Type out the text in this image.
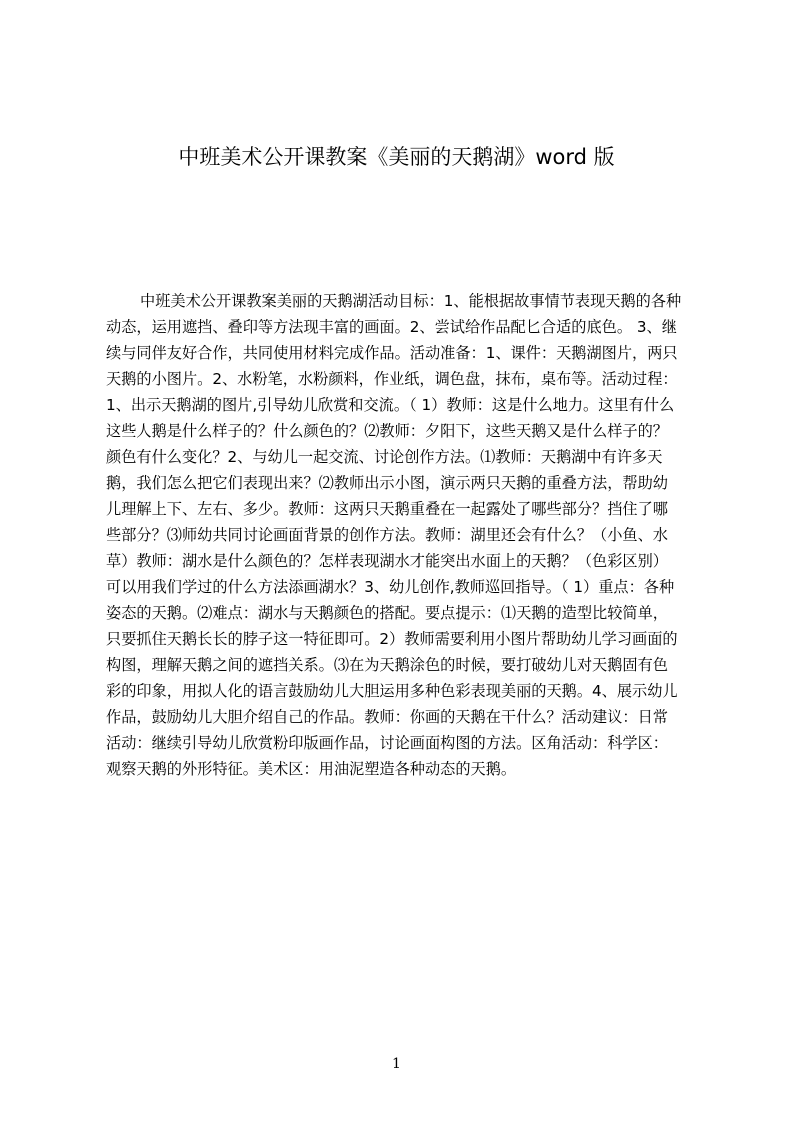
中班美术公开课教案《美丽的天鹅湖》word 版
中班美术公开课教案美丽的天鹅湖活动目标：1、能根据故事情节表现天鹅的各种
动态，运用遮挡、叠印等方法现丰富的画面。2、尝试给作品配匕合适的底色。 3、继
续与同伴友好合作，共同使用材料完成作品。活动准备：1、课件：天鹅湖图片，两只
天鹅的小图片。2、水粉笔，水粉颜料，作业纸，调色盘，抹布，桌布等。活动过程：
1、出示天鹅湖的图片,引导幼儿欣赏和交流。（ 1）教师：这是什么地力。这里有什么
这些人鹅是什么样子的？什么颜色的？⑵教师：夕阳下，这些天鹅又是什么样子的？
颜色有什么变化？2、与幼儿一起交流、讨论创作方法。⑴教师：天鹅湖中有许多天
鹅，我们怎么把它们表现出来？⑵教师出示小图，演示两只天鹅的重叠方法，帮助幼
儿理解上下、左右、多少。教师：这两只天鹅重叠在一起露处了哪些部分？挡住了哪
些部分？⑶师幼共同讨论画面背景的创作方法。教师：湖里还会有什么？（小鱼、水
草）教师：湖水是什么颜色的？怎样表现湖水才能突出水面上的天鹅？（色彩区别）
可以用我们学过的什么方法添画湖水？3、幼儿创作,教师巡回指导。（ 1）重点：各种
姿态的天鹅。⑵难点：湖水与天鹅颜色的搭配。要点提示：⑴天鹅的造型比较简单，
只要抓住天鹅长长的脖子这一特征即可。2）教师需要利用小图片帮助幼儿学习画面的
构图，理解天鹅之间的遮挡关系。⑶在为天鹅涂色的时候，要打破幼儿对天鹅固有色
彩的印象，用拟人化的语言鼓励幼儿大胆运用多种色彩表现美丽的天鹅。4、展示幼儿
作品，鼓励幼儿大胆介绍自己的作品。教师：你画的天鹅在干什么？活动建议：日常
活动：继续引导幼儿欣赏粉印版画作品，讨论画面构图的方法。区角活动：科学区：
观察天鹅的外形特征。美术区：用油泥塑造各种动态的天鹅。
1
